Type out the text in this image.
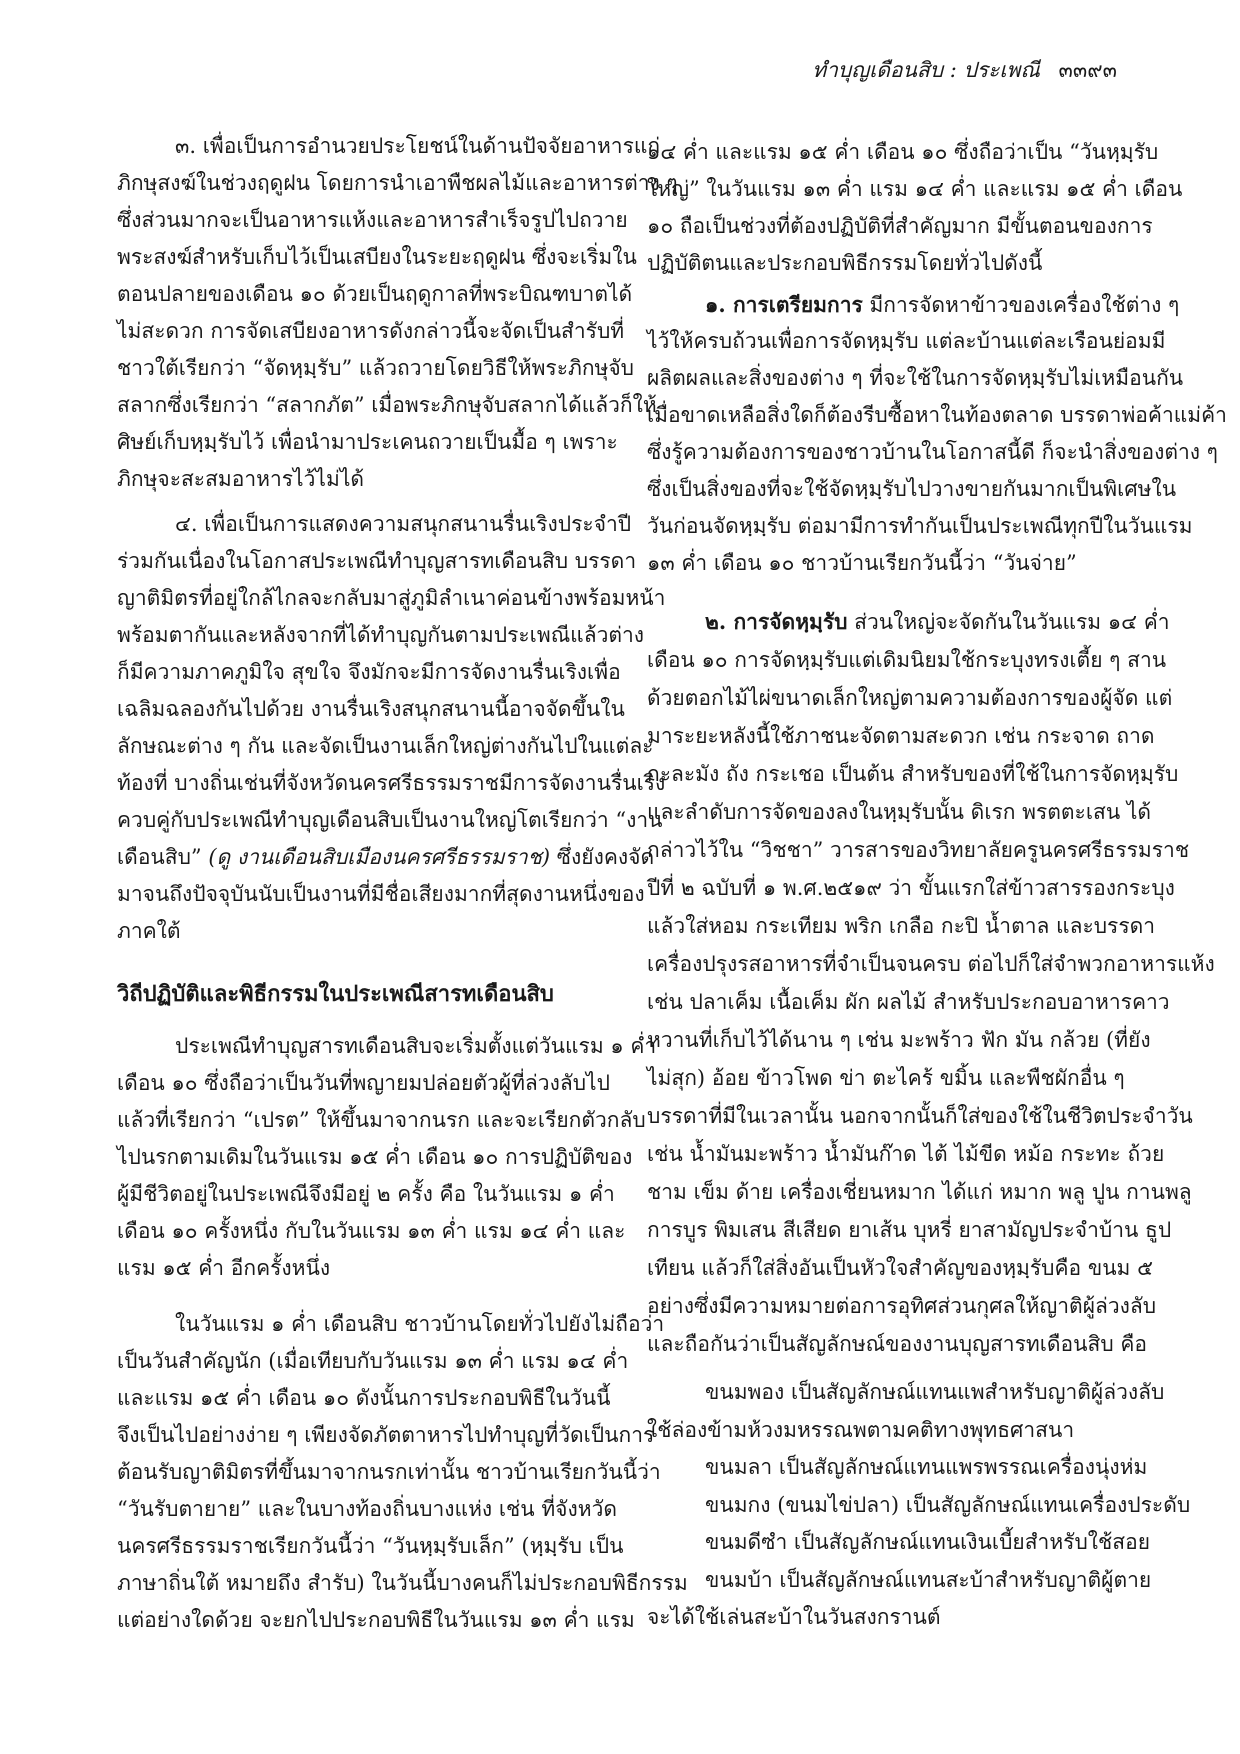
ทำบุญเดือนสิบ : ประเพณี ๓๓๙๓
๓. เพื่อเป็นการอำนวยประโยชน์ในด้านปัจจัยอาหารแก่
ภิกษุสงฆ์ในช่วงฤดูฝน โดยการนำเอาพืชผลไม้และอาหารต่าง ๆ
ซึ่งส่วนมากจะเป็นอาหารแห้งและอาหารสำเร็จรูปไปถวาย
พระสงฆ์สำหรับเก็บไว้เป็นเสบียงในระยะฤดูฝน ซึ่งจะเริ่มใน
ตอนปลายของเดือน ๑๐ ด้วยเป็นฤดูกาลที่พระบิณฑบาตได้
ไม่สะดวก การจัดเสบียงอาหารดังกล่าวนี้จะจัดเป็นสำรับที่
ชาวใต้เรียกว่า “จัดหฺมฺรับ” แล้วถวายโดยวิธีให้พระภิกษุจับ
สลากซึ่งเรียกว่า “สลากภัต” เมื่อพระภิกษุจับสลากได้แล้วก็ให้
ศิษย์เก็บหฺมฺรับไว้ เพื่อนำมาประเคนถวายเป็นมื้อ ๆ เพราะ
ภิกษุจะสะสมอาหารไว้ไม่ได้
๔. เพื่อเป็นการแสดงความสนุกสนานรื่นเริงประจำปี
ร่วมกันเนื่องในโอกาสประเพณีทำบุญสารทเดือนสิบ บรรดา
ญาติมิตรที่อยู่ใกล้ไกลจะกลับมาสู่ภูมิลำเนาค่อนข้างพร้อมหน้า
พร้อมตากันและหลังจากที่ได้ทำบุญกันตามประเพณีแล้วต่าง
ก็มีความภาคภูมิใจ สุขใจ จึงมักจะมีการจัดงานรื่นเริงเพื่อ
เฉลิมฉลองกันไปด้วย งานรื่นเริงสนุกสนานนี้อาจจัดขึ้นใน
ลักษณะต่าง ๆ กัน และจัดเป็นงานเล็กใหญ่ต่างกันไปในแต่ละ
ท้องที่ บางถิ่นเช่นที่จังหวัดนครศรีธรรมราชมีการจัดงานรื่นเริง
ควบคู่กับประเพณีทำบุญเดือนสิบเป็นงานใหญ่โตเรียกว่า “งาน
เดือนสิบ” (ดู งานเดือนสิบเมืองนครศรีธรรมราช) ซึ่งยังคงจัด
มาจนถึงปัจจุบันนับเป็นงานที่มีชื่อเสียงมากที่สุดงานหนึ่งของ
ภาคใต้
วิถีปฏิบัติและพิธีกรรมในประเพณีสารทเดือนสิบ
ประเพณีทำบุญสารทเดือนสิบจะเริ่มตั้งแต่วันแรม ๑ ค่ำ
เดือน ๑๐ ซึ่งถือว่าเป็นวันที่พญายมปล่อยตัวผู้ที่ล่วงลับไป
แล้วที่เรียกว่า “เปรต” ให้ขึ้นมาจากนรก และจะเรียกตัวกลับ
ไปนรกตามเดิมในวันแรม ๑๕ ค่ำ เดือน ๑๐ การปฏิบัติของ
ผู้มีชีวิตอยู่ในประเพณีจึงมีอยู่ ๒ ครั้ง คือ ในวันแรม ๑ ค่ำ
เดือน ๑๐ ครั้งหนึ่ง กับในวันแรม ๑๓ ค่ำ แรม ๑๔ ค่ำ และ
แรม ๑๕ ค่ำ อีกครั้งหนึ่ง
ในวันแรม ๑ ค่ำ เดือนสิบ ชาวบ้านโดยทั่วไปยังไม่ถือว่า
เป็นวันสำคัญนัก (เมื่อเทียบกับวันแรม ๑๓ ค่ำ แรม ๑๔ ค่ำ
และแรม ๑๕ ค่ำ เดือน ๑๐ ดังนั้นการประกอบพิธีในวันนี้
จึงเป็นไปอย่างง่าย ๆ เพียงจัดภัตตาหารไปทำบุญที่วัดเป็นการ
ต้อนรับญาติมิตรที่ขึ้นมาจากนรกเท่านั้น ชาวบ้านเรียกวันนี้ว่า
“วันรับตายาย” และในบางท้องถิ่นบางแห่ง เช่น ที่จังหวัด
นครศรีธรรมราชเรียกวันนี้ว่า “วันหฺมฺรับเล็ก” (หฺมฺรับ เป็น
ภาษาถิ่นใต้ หมายถึง สำรับ) ในวันนี้บางคนก็ไม่ประกอบพิธีกรรม
แต่อย่างใดด้วย จะยกไปประกอบพิธีในวันแรม ๑๓ ค่ำ แรม
๑๔ ค่ำ และแรม ๑๕ ค่ำ เดือน ๑๐ ซึ่งถือว่าเป็น “วันหฺมฺรับ
ใหญ่” ในวันแรม ๑๓ ค่ำ แรม ๑๔ ค่ำ และแรม ๑๕ ค่ำ เดือน
๑๐ ถือเป็นช่วงที่ต้องปฏิบัติที่สำคัญมาก มีขั้นตอนของการ
ปฏิบัติตนและประกอบพิธีกรรมโดยทั่วไปดังนี้
๑. การเตรียมการ มีการจัดหาข้าวของเครื่องใช้ต่าง ๆ
ไว้ให้ครบถ้วนเพื่อการจัดหฺมฺรับ แต่ละบ้านแต่ละเรือนย่อมมี
ผลิตผลและสิ่งของต่าง ๆ ที่จะใช้ในการจัดหฺมฺรับไม่เหมือนกัน
เมื่อขาดเหลือสิ่งใดก็ต้องรีบซื้อหาในท้องตลาด บรรดาพ่อค้าแม่ค้า
ซึ่งรู้ความต้องการของชาวบ้านในโอกาสนี้ดี ก็จะนำสิ่งของต่าง ๆ
ซึ่งเป็นสิ่งของที่จะใช้จัดหฺมฺรับไปวางขายกันมากเป็นพิเศษใน
วันก่อนจัดหฺมฺรับ ต่อมามีการทำกันเป็นประเพณีทุกปีในวันแรม
๑๓ ค่ำ เดือน ๑๐ ชาวบ้านเรียกวันนี้ว่า “วันจ่าย”
๒. การจัดหฺมฺรับ ส่วนใหญ่จะจัดกันในวันแรม ๑๔ ค่ำ
เดือน ๑๐ การจัดหฺมฺรับแต่เดิมนิยมใช้กระบุงทรงเตี้ย ๆ สาน
ด้วยตอกไม้ไผ่ขนาดเล็กใหญ่ตามความต้องการของผู้จัด แต่
มาระยะหลังนี้ใช้ภาชนะจัดตามสะดวก เช่น กระจาด ถาด
กะละมัง ถัง กระเชอ เป็นต้น สำหรับของที่ใช้ในการจัดหฺมฺรับ
และลำดับการจัดของลงในหฺมฺรับนั้น ดิเรก พรตตะเสน ได้
กล่าวไว้ใน “วิชชา” วารสารของวิทยาลัยครูนครศรีธรรมราช
ปีที่ ๒ ฉบับที่ ๑ พ.ศ.๒๕๑๙ ว่า ขั้นแรกใส่ข้าวสารรองกระบุง
แล้วใส่หอม กระเทียม พริก เกลือ กะปิ น้ำตาล และบรรดา
เครื่องปรุงรสอาหารที่จำเป็นจนครบ ต่อไปก็ใส่จำพวกอาหารแห้ง
เช่น ปลาเค็ม เนื้อเค็ม ผัก ผลไม้ สำหรับประกอบอาหารคาว
หวานที่เก็บไว้ได้นาน ๆ เช่น มะพร้าว ฟัก มัน กล้วย (ที่ยัง
ไม่สุก) อ้อย ข้าวโพด ข่า ตะไคร้ ขมิ้น และพืชผักอื่น ๆ
บรรดาที่มีในเวลานั้น นอกจากนั้นก็ใส่ของใช้ในชีวิตประจำวัน
เช่น น้ำมันมะพร้าว น้ำมันก๊าด ไต้ ไม้ขีด หม้อ กระทะ ถ้วย
ชาม เข็ม ด้าย เครื่องเชี่ยนหมาก ได้แก่ หมาก พลู ปูน กานพลู
การบูร พิมเสน สีเสียด ยาเส้น บุหรี่ ยาสามัญประจำบ้าน ธูป
เทียน แล้วก็ใส่สิ่งอันเป็นหัวใจสำคัญของหฺมฺรับคือ ขนม ๕
อย่างซึ่งมีความหมายต่อการอุทิศส่วนกุศลให้ญาติผู้ล่วงลับ
และถือกันว่าเป็นสัญลักษณ์ของงานบุญสารทเดือนสิบ คือ
ขนมพอง เป็นสัญลักษณ์แทนแพสำหรับญาติผู้ล่วงลับ
ใช้ล่องข้ามห้วงมหรรณพตามคติทางพุทธศาสนา
ขนมลา เป็นสัญลักษณ์แทนแพรพรรณเครื่องนุ่งห่ม
ขนมกง (ขนมไข่ปลา) เป็นสัญลักษณ์แทนเครื่องประดับ
ขนมดีซำ เป็นสัญลักษณ์แทนเงินเบี้ยสำหรับใช้สอย
ขนมบ้า เป็นสัญลักษณ์แทนสะบ้าสำหรับญาติผู้ตาย
จะได้ใช้เล่นสะบ้าในวันสงกรานต์
